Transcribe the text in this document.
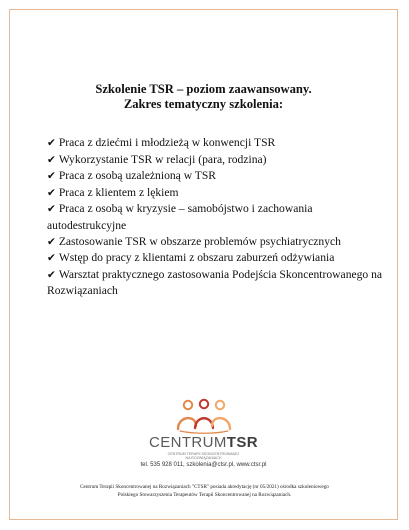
Szkolenie TSR – poziom zaawansowany.
Zakres tematyczny szkolenia:
✔ Praca z dziećmi i młodzieżą w konwencji TSR
✔ Wykorzystanie TSR w relacji (para, rodzina)
✔ Praca z osobą uzależnioną w TSR
✔ Praca z klientem z lękiem
✔ Praca z osobą w kryzysie – samobójstwo i zachowania autodestrukcyjne
✔ Zastosowanie TSR w obszarze problemów psychiatrycznych
✔ Wstęp do pracy z klientami z obszaru zaburzeń odżywiania
✔ Warsztat praktycznego zastosowania Podejścia Skoncentrowanego na Rozwiązaniach
CENTRUMTSR
CENTRUM TERAPII SKONCENTROWANEJ
NA ROZWIĄZANIACH
tel. 535 928 011, szkolenia@ctsr.pl, www.ctsr.pl
Centrum Terapii Skoncentrowanej na Rozwiązaniach "CTSR" posiada akredytację (nr 05/2021) ośrodka szkoleniowego
Polskiego Stowarzyszenia Terapeutów Terapii Skoncentrowanej na Rozwiązaniach.
